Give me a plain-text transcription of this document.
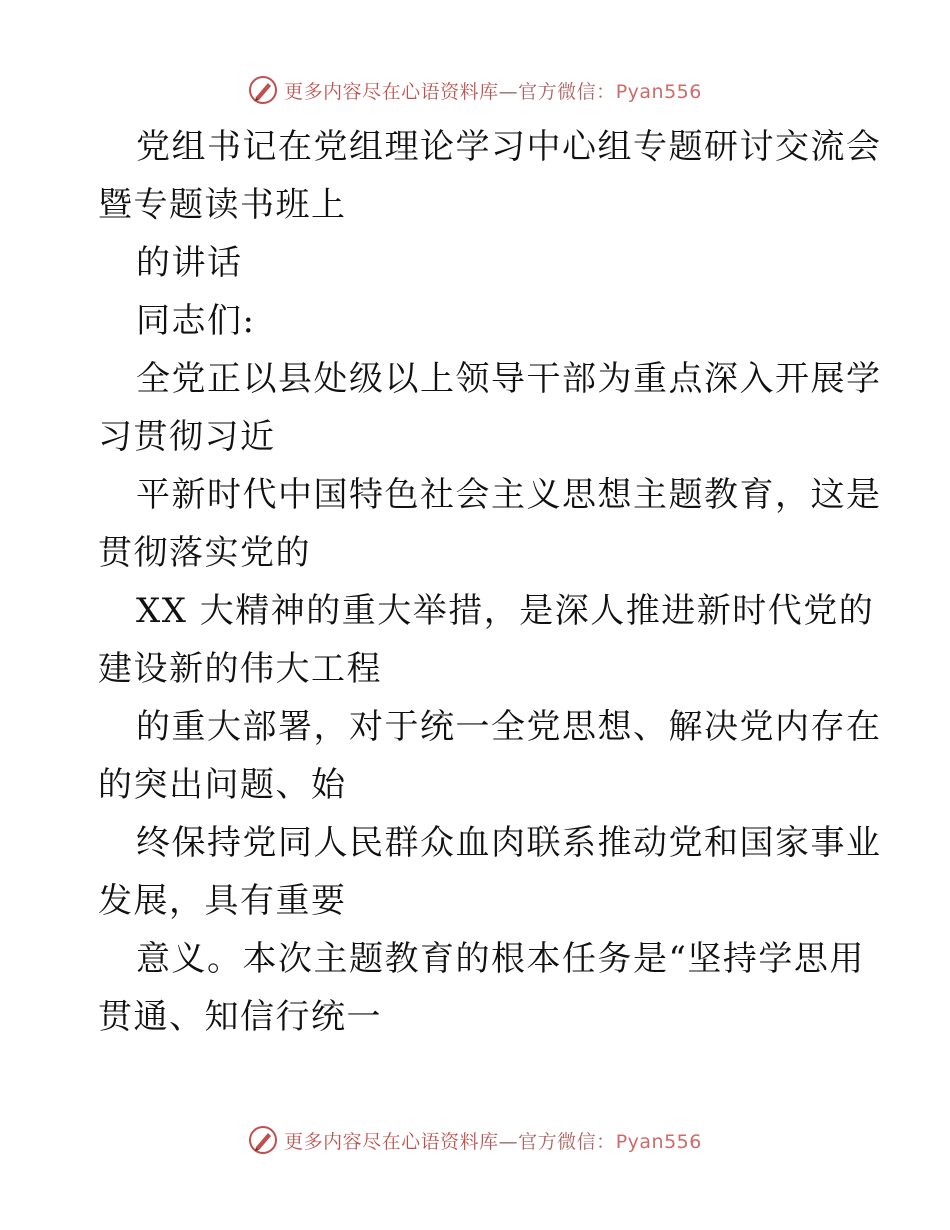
更多内容尽在心语资料库—官方微信：Pyan556
党组书记在党组理论学习中心组专题研讨交流会
暨专题读书班上
的讲话
同志们:
全党正以县处级以上领导干部为重点深入开展学
习贯彻习近
平新时代中国特色社会主义思想主题教育，这是
贯彻落实党的
XX 大精神的重大举措，是深人推进新时代党的
建设新的伟大工程
的重大部署，对于统一全党思想、解决党内存在
的突出问题、始
终保持党同人民群众血肉联系推动党和国家事业
发展，具有重要
意义。本次主题教育的根本任务是“坚持学思用
贯通、知信行统一
更多内容尽在心语资料库—官方微信：Pyan556
